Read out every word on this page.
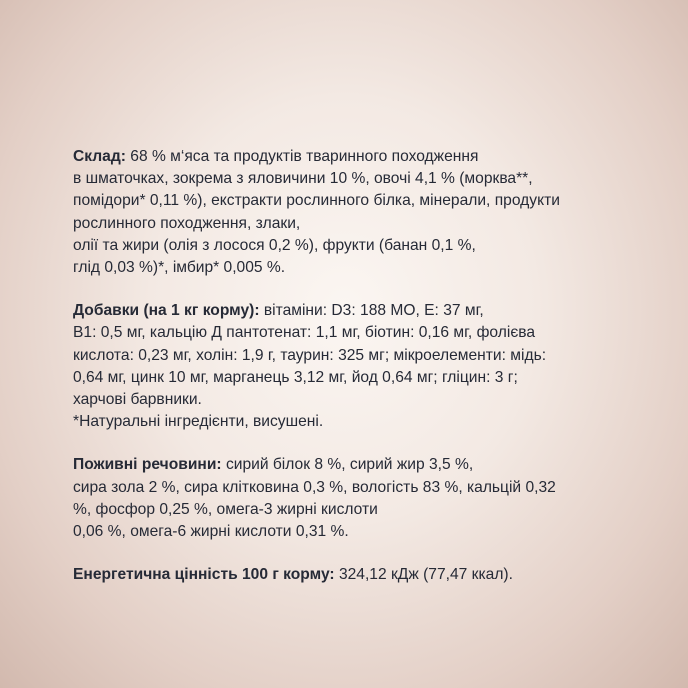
Склад: 68 % м‘яса та продуктів тваринного походження
в шматочках, зокрема з яловичини 10 %, овочі 4,1 % (морква**,
помідори* 0,11 %), екстракти рослинного білка, мінерали, продукти
рослинного походження, злаки,
олії та жири (олія з лосося 0,2 %), фрукти (банан 0,1 %,
глід 0,03 %)*, імбир* 0,005 %.
Добавки (на 1 кг корму): вітаміни: D3: 188 МО, E: 37 мг,
B1: 0,5 мг, кальцію Д пантотенат: 1,1 мг, біотин: 0,16 мг, фолієва
кислота: 0,23 мг, холін: 1,9 г, таурин: 325 мг; мікроелементи: мідь:
0,64 мг, цинк 10 мг, марганець 3,12 мг, йод 0,64 мг; гліцин: 3 г;
харчові барвники.
*Натуральні інгредієнти, висушені.
Поживні речовини: сирий білок 8 %, сирий жир 3,5 %,
сира зола 2 %, сира клітковина 0,3 %, вологість 83 %, кальцій 0,32
%, фосфор 0,25 %, омега-3 жирні кислоти
0,06 %, омега-6 жирні кислоти 0,31 %.
Енергетична цінність 100 г корму: 324,12 кДж (77,47 ккал).
